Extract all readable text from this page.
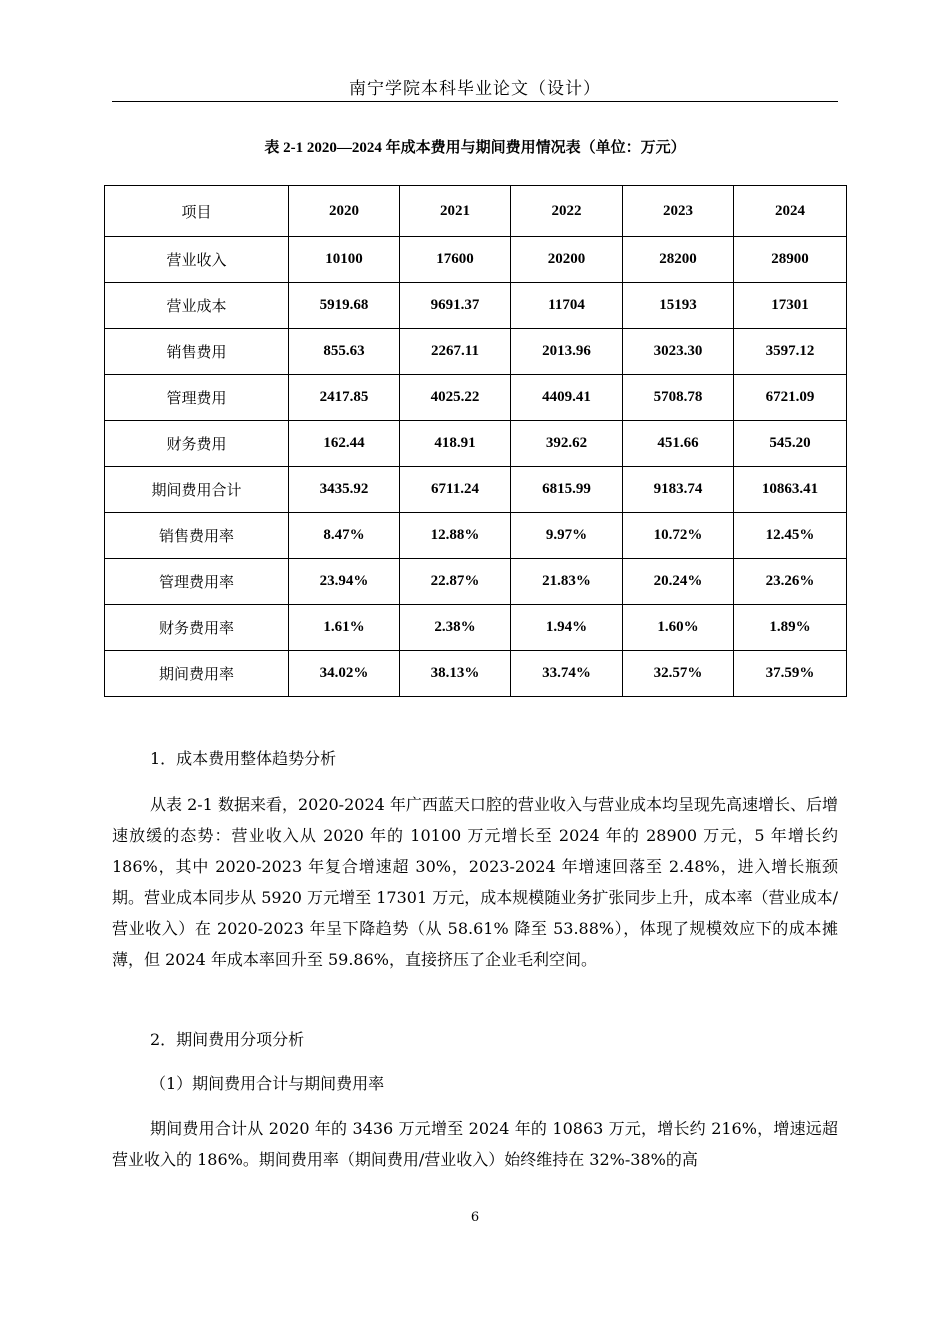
南宁学院本科毕业论文（设计）
表 2-1 2020—2024 年成本费用与期间费用情况表（单位：万元）
项目	2020	2021	2022	2023	2024
营业收入	10100	17600	20200	28200	28900
营业成本	5919.68	9691.37	11704	15193	17301
销售费用	855.63	2267.11	2013.96	3023.30	3597.12
管理费用	2417.85	4025.22	4409.41	5708.78	6721.09
财务费用	162.44	418.91	392.62	451.66	545.20
期间费用合计	3435.92	6711.24	6815.99	9183.74	10863.41
销售费用率	8.47%	12.88%	9.97%	10.72%	12.45%
管理费用率	23.94%	22.87%	21.83%	20.24%	23.26%
财务费用率	1.61%	2.38%	1.94%	1.60%	1.89%
期间费用率	34.02%	38.13%	33.74%	32.57%	37.59%

1．成本费用整体趋势分析

从表 2-1 数据来看，2020-2024 年广西蓝天口腔的营业收入与营业成本均呈现先高速增长、后增速放缓的态势：营业收入从 2020 年的 10100 万元增长至 2024 年的 28900 万元，5 年增长约 186%，其中 2020-2023 年复合增速超 30%，2023-2024 年增速回落至 2.48%，进入增长瓶颈期。营业成本同步从 5920 万元增至 17301 万元，成本规模随业务扩张同步上升，成本率（营业成本/营业收入）在 2020-2023 年呈下降趋势（从 58.61% 降至 53.88%），体现了规模效应下的成本摊薄，但 2024 年成本率回升至 59.86%，直接挤压了企业毛利空间。

2．期间费用分项分析

（1）期间费用合计与期间费用率

期间费用合计从 2020 年的 3436 万元增至 2024 年的 10863 万元，增长约 216%，增速远超营业收入的 186%。期间费用率（期间费用/营业收入）始终维持在 32%-38%的高

6
